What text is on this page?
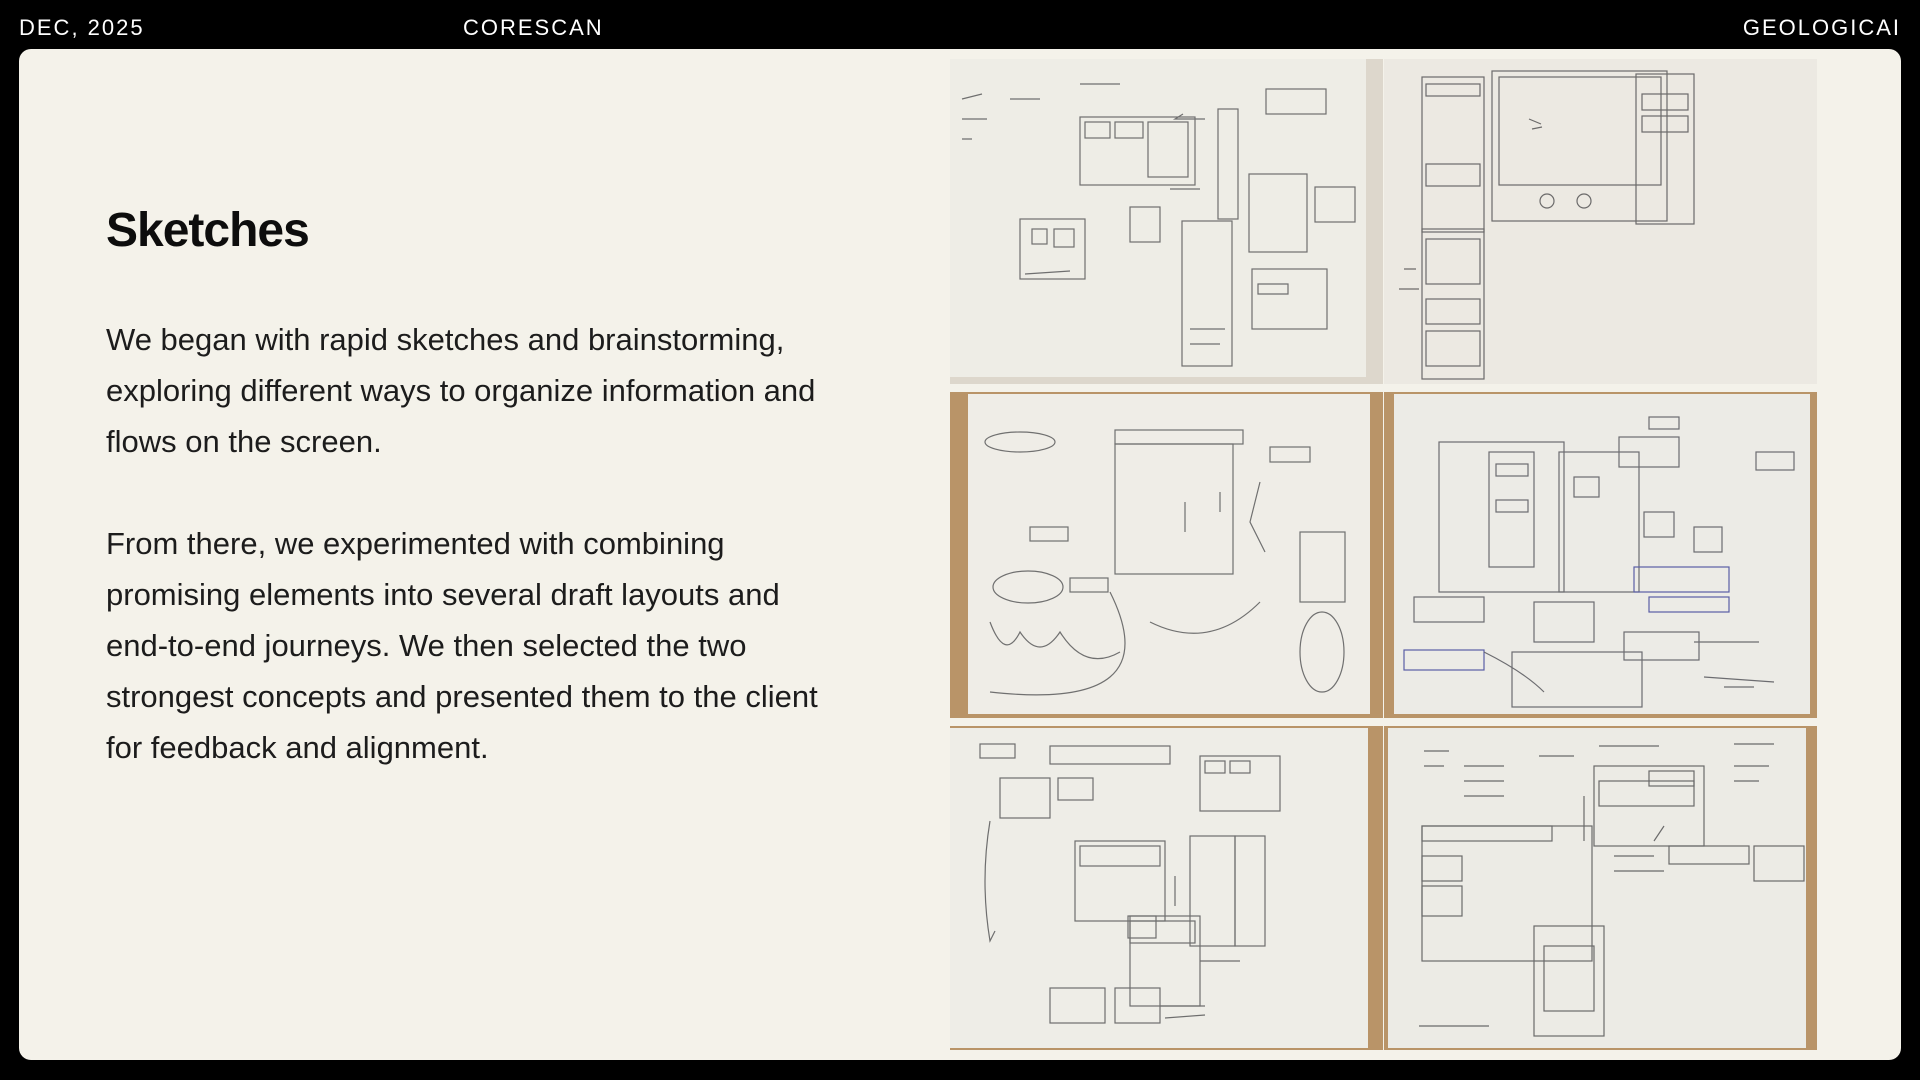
DEC, 2025	CORESCAN	GEOLOGICAI
Sketches

We began with rapid sketches and brainstorming, exploring different ways to organize information and flows on the screen.

From there, we experimented with combining promising elements into several draft layouts and end-to-end journeys. We then selected the two strongest concepts and presented them to the client for feedback and alignment.
